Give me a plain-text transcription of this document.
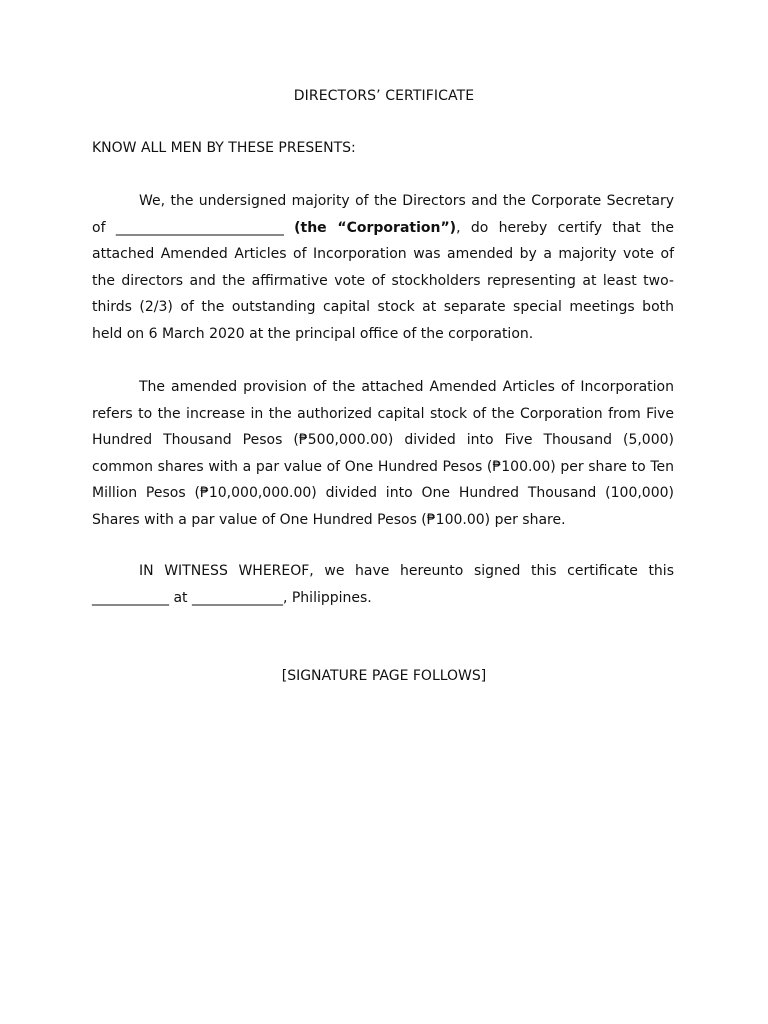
DIRECTORS’ CERTIFICATE
KNOW ALL MEN BY THESE PRESENTS:

We, the undersigned majority of the Directors and the Corporate Secretary of ________________________ (the “Corporation”), do hereby certify that the attached Amended Articles of Incorporation was amended by a majority vote of the directors and the affirmative vote of stockholders representing at least two-thirds (2/3) of the outstanding capital stock at separate special meetings both held on 6 March 2020 at the principal office of the corporation.

The amended provision of the attached Amended Articles of Incorporation refers to the increase in the authorized capital stock of the Corporation from Five Hundred Thousand Pesos (₱500,000.00) divided into Five Thousand (5,000) common shares with a par value of One Hundred Pesos (₱100.00) per share to Ten Million Pesos (₱10,000,000.00) divided into One Hundred Thousand (100,000) Shares with a par value of One Hundred Pesos (₱100.00) per share.

IN WITNESS WHEREOF, we have hereunto signed this certificate this ___________ at _____________, Philippines.

[SIGNATURE PAGE FOLLOWS]
